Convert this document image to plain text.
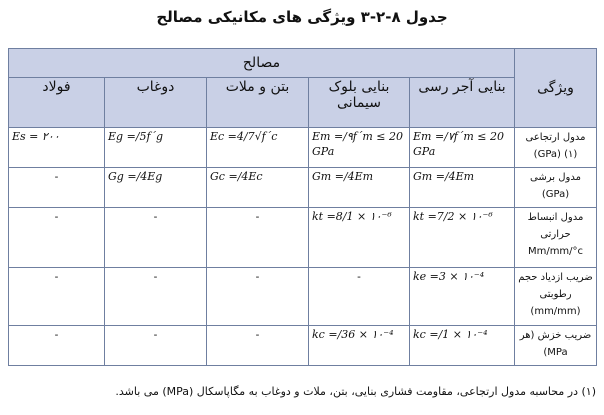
جدول ۸-۲-۳ ویژگی های مکانیکی مصالح
ویژگی	مصالح				
	بنایی آجر رسی	بنایی بلوک سیمانی	بتن و ملات	دوغاب	فولاد
مدول ارتجاعی (۱) (GPa)	Em =/۷f´m ≤ 20 GPa	Em =/۹f´m ≤ 20 GPa	Ec =4/7√f´c	Eg =/5f´g	Es = ۲۰۰
مدول برشی (GPa)	Gm =/4Em	Gm =/4Em	Gc =/4Ec	Gg =/4Eg	-
مدول انبساط حرارتی Mm/mm/°c	kt =7/2 × ۱۰⁻⁶	kt =8/1 × ۱۰⁻⁶	-	-	-
ضریب ازدیاد حجم رطوبتی (mm/mm)	ke =3 × ۱۰⁻⁴	-	-	-	-
ضریب خزش (هر MPa)	kc =/1 × ۱۰⁻⁴	kc =/36 × ۱۰⁻⁴	-	-	-
(۱) در محاسبه مدول ارتجاعی، مقاومت فشاری بنایی، بتن، ملات و دوغاب به مگاپاسکال (MPa) می باشد.
